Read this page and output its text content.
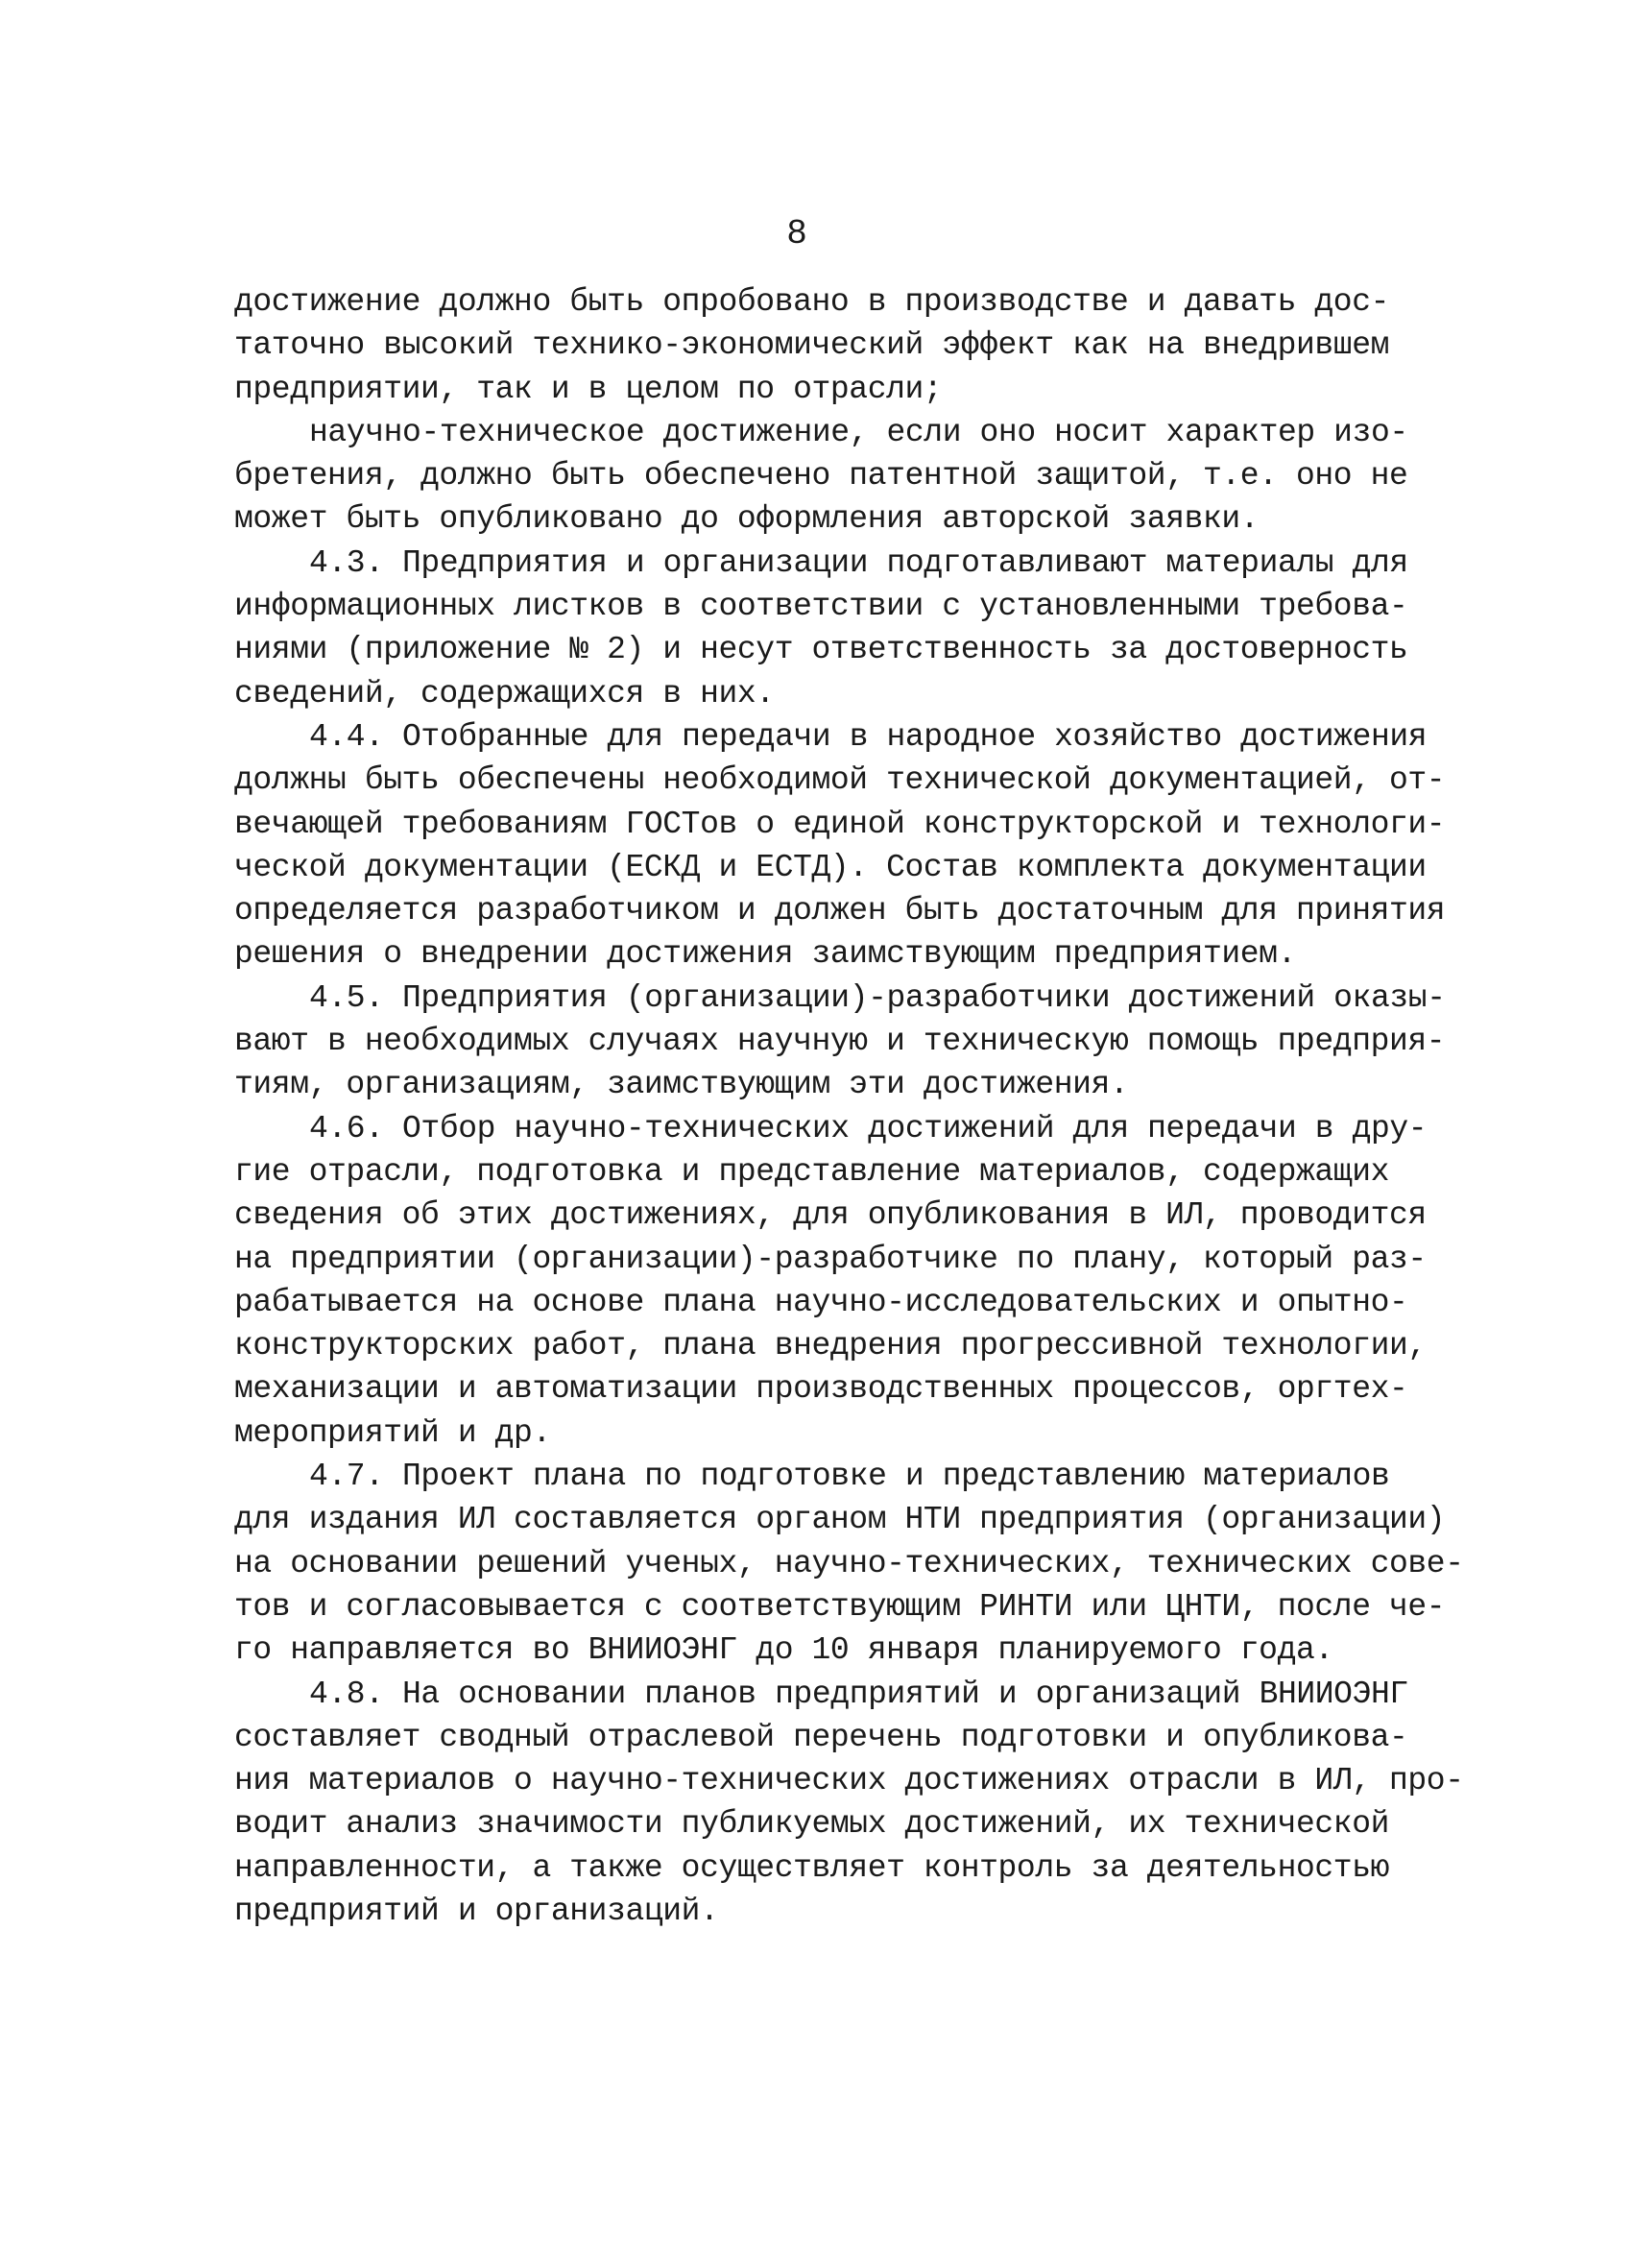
8
достижение должно быть опробовано в производстве и давать дос-
таточно высокий технико-экономический эффект как на внедрившем
предприятии, так и в целом по отрасли;
научно-техническое достижение, если оно носит характер изо-
бретения, должно быть обеспечено патентной защитой, т.е. оно не
может быть опубликовано до оформления авторской заявки.
4.3. Предприятия и организации подготавливают материалы для
информационных листков в соответствии с установленными требова-
ниями (приложение № 2) и несут ответственность за достоверность
сведений, содержащихся в них.
4.4. Отобранные для передачи в народное хозяйство достижения
должны быть обеспечены необходимой технической документацией, от-
вечающей требованиям ГОСТов о единой конструкторской и технологи-
ческой документации (ЕСКД и ЕСТД). Состав комплекта документации
определяется разработчиком и должен быть достаточным для принятия
решения о внедрении достижения заимствующим предприятием.
4.5. Предприятия (организации)-разработчики достижений оказы-
вают в необходимых случаях научную и техническую помощь предприя-
тиям, организациям, заимствующим эти достижения.
4.6. Отбор научно-технических достижений для передачи в дру-
гие отрасли, подготовка и представление материалов, содержащих
сведения об этих достижениях, для опубликования в ИЛ, проводится
на предприятии (организации)-разработчике по плану, который раз-
рабатывается на основе плана научно-исследовательских и опытно-
конструкторских работ, плана внедрения прогрессивной технологии,
механизации и автоматизации производственных процессов, оргтех-
мероприятий и др.
4.7. Проект плана по подготовке и представлению материалов
для издания ИЛ составляется органом НТИ предприятия (организации)
на основании решений ученых, научно-технических, технических сове-
тов и согласовывается с соответствующим РИНТИ или ЦНТИ, после че-
го направляется во ВНИИОЭНГ до 10 января планируемого года.
4.8. На основании планов предприятий и организаций ВНИИОЭНГ
составляет сводный отраслевой перечень подготовки и опубликова-
ния материалов о научно-технических достижениях отрасли в ИЛ, про-
водит анализ значимости публикуемых достижений, их технической
направленности, а также осуществляет контроль за деятельностью
предприятий и организаций.
